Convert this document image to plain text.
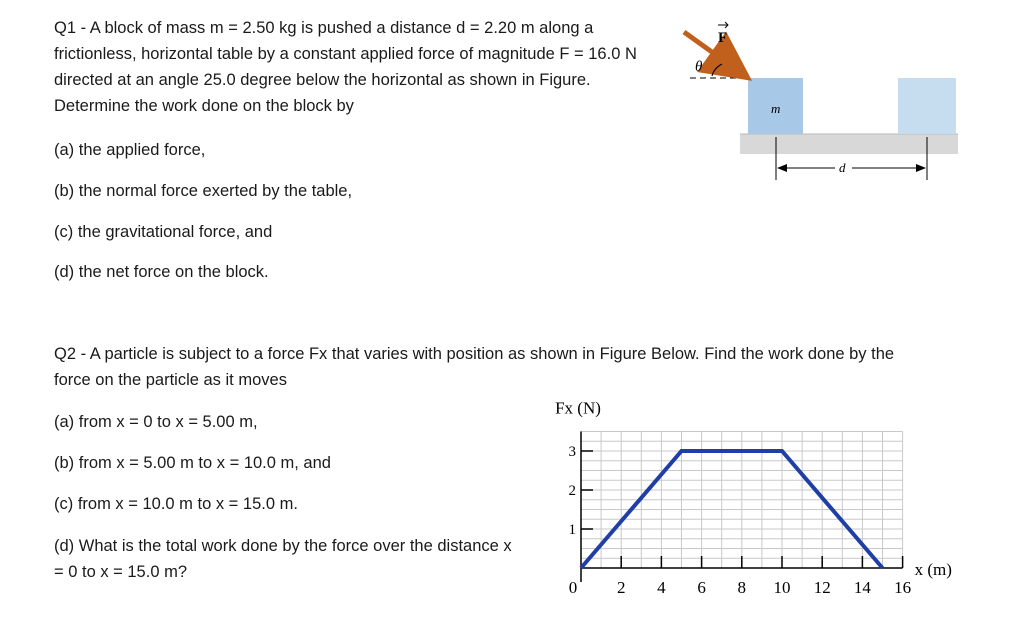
Q1 - A block of mass m = 2.50 kg is pushed a distance d = 2.20 m along a frictionless, horizontal table by a constant applied force of magnitude F = 16.0 N directed at an angle 25.0 degree below the horizontal as shown in Figure. Determine the work done on the block by

(a) the applied force,
(b) the normal force exerted by the table,
(c) the gravitational force, and
(d) the net force on the block.
m
F
θ
d

Q2 - A particle is subject to a force Fx that varies with position as shown in Figure Below. Find the work done by the force on the particle as it moves

(a) from x = 0 to x = 5.00 m,
(b) from x = 5.00 m to x = 10.0 m, and
(c) from x = 10.0 m to x = 15.0 m.
(d) What is the total work done by the force over the distance x = 0 to x = 15.0 m?
1
2
3
0 2 4 6 8 10 12 14 16
Fx (N)
x (m)
